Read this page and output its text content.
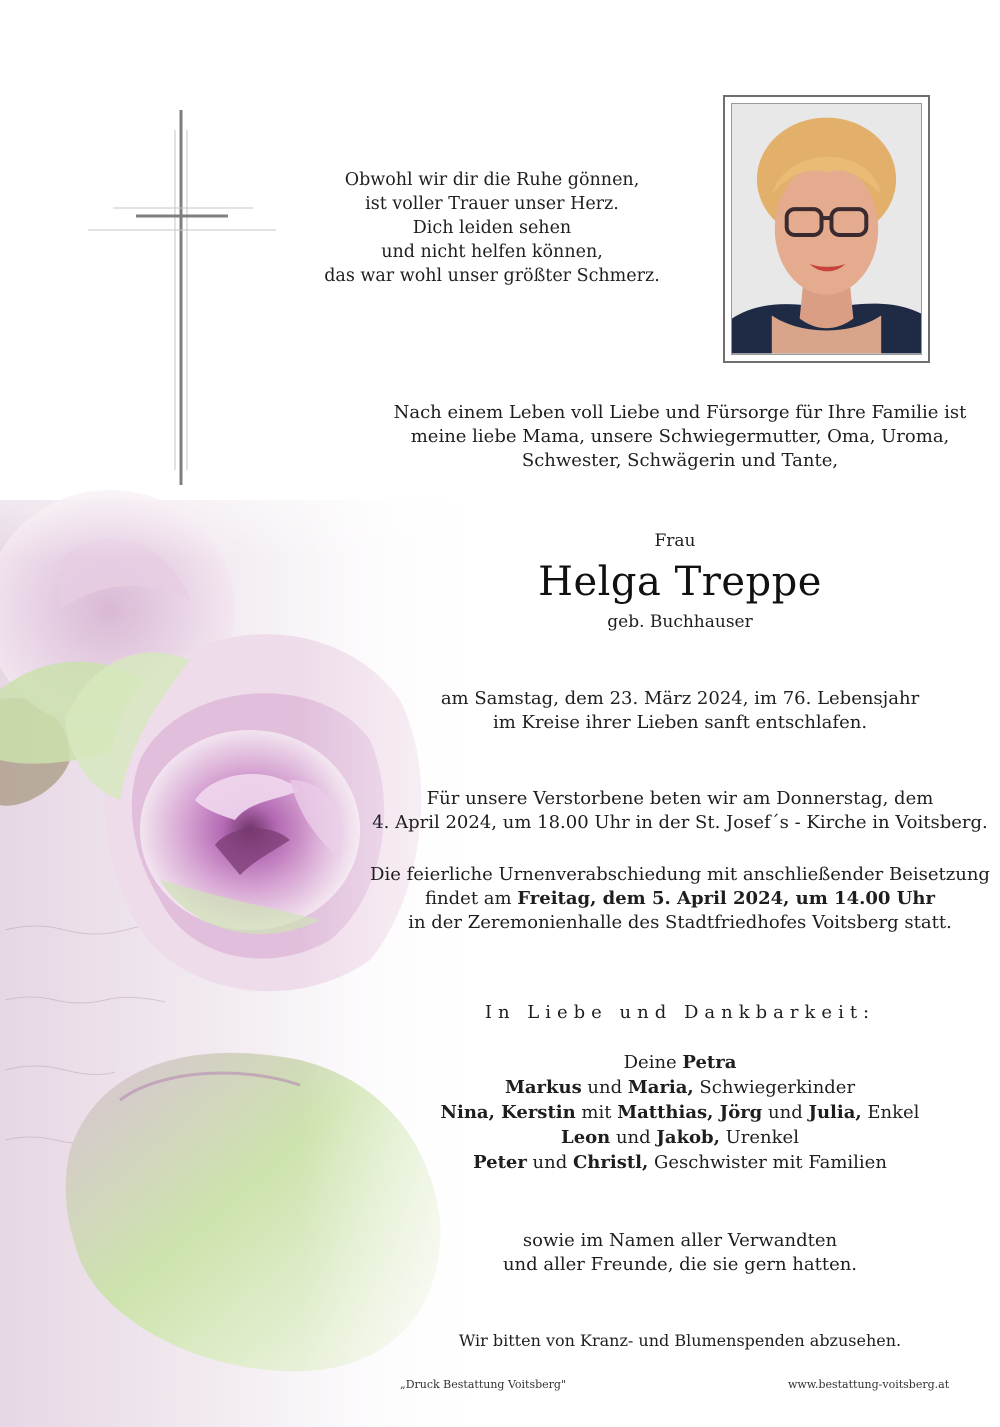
Obwohl wir dir die Ruhe gönnen,
ist voller Trauer unser Herz.
Dich leiden sehen
und nicht helfen können,
das war wohl unser größter Schmerz.
Nach einem Leben voll Liebe und Fürsorge für Ihre Familie ist
meine liebe Mama, unsere Schwiegermutter, Oma, Uroma,
Schwester, Schwägerin und Tante,
Frau
Helga Treppe
geb. Buchhauser
am Samstag, dem 23. März 2024, im 76. Lebensjahr
im Kreise ihrer Lieben sanft entschlafen.
Für unsere Verstorbene beten wir am Donnerstag, dem
4. April 2024, um 18.00 Uhr in der St. Josef´s - Kirche in Voitsberg.
Die feierliche Urnenverabschiedung mit anschließender Beisetzung
findet am Freitag, dem 5. April 2024, um 14.00 Uhr
in der Zeremonienhalle des Stadtfriedhofes Voitsberg statt.
In Liebe und Dankbarkeit:
Deine Petra
Markus und Maria, Schwiegerkinder
Nina, Kerstin mit Matthias, Jörg und Julia, Enkel
Leon und Jakob, Urenkel
Peter und Christl, Geschwister mit Familien
sowie im Namen aller Verwandten
und aller Freunde, die sie gern hatten.
Wir bitten von Kranz- und Blumenspenden abzusehen.
„Druck Bestattung Voitsberg"	www.bestattung-voitsberg.at
